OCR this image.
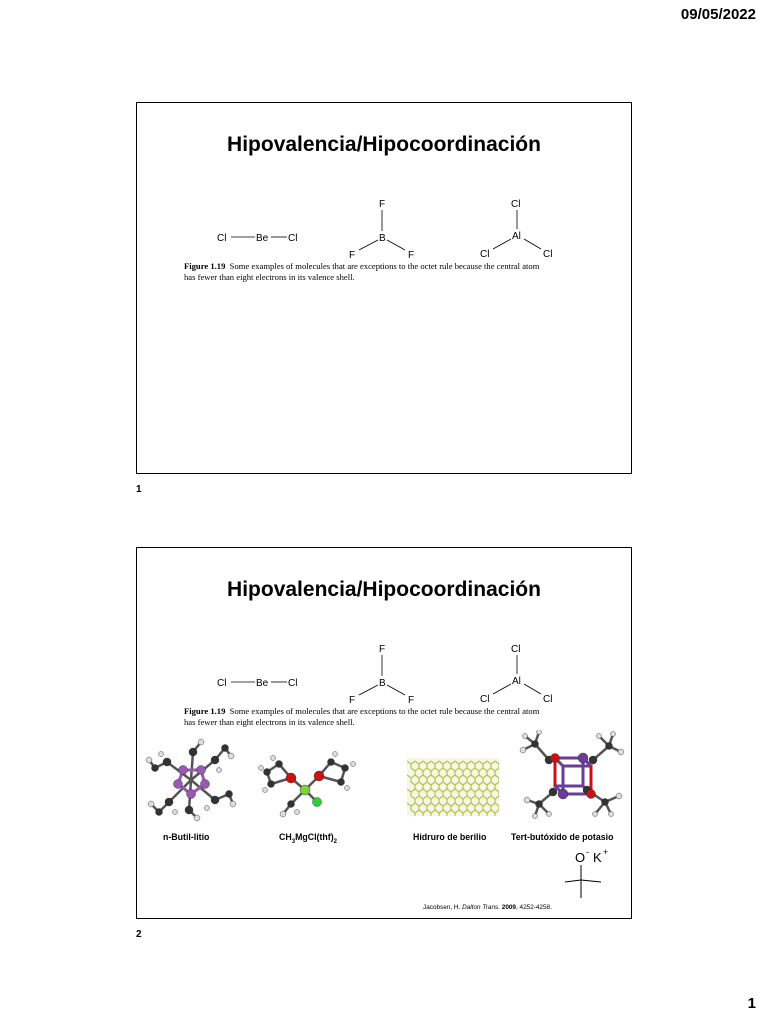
09/05/2022
Hipovalencia/Hipocoordinación
Cl	Be Cl
F
B
F	F
Cl
Al
Cl	Cl
Figure 1.19 Some examples of molecules that are exceptions to the octet rule because the central atom
has fewer than eight electrons in its valence shell.
1
Hipovalencia/Hipocoordinación
Cl	Be Cl
F
B
F	F
Cl
Al
Cl	Cl
Figure 1.19 Some examples of molecules that are exceptions to the octet rule because the central atom
has fewer than eight electrons in its valence shell.
n-Butil-litio	$CH_3MgCl(thf)_2$	Hidruro de berilio	Tert-butóxido de potasio
O - K +
Jacobsen, H. Dalton Trans. 2009, 4252-4258.
2
1
